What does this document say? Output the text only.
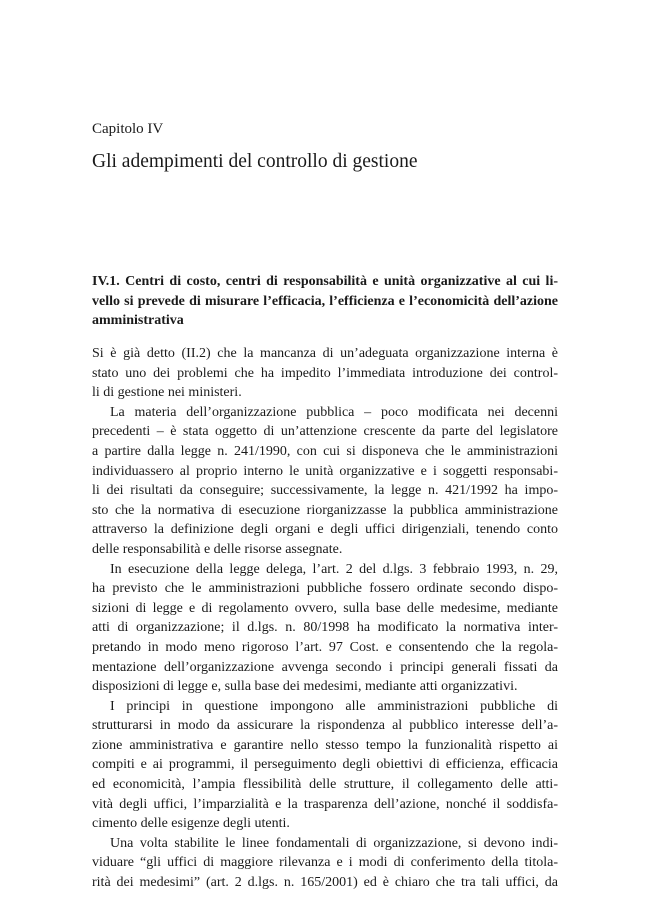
Capitolo IV

Gli adempimenti del controllo di gestione
IV.1. Centri di costo, centri di responsabilità e unità organizzative al cui li-
vello si prevede di misurare l’efficacia, l’efficienza e l’economicità dell’azione
amministrativa
Si è già detto (II.2) che la mancanza di un’adeguata organizzazione interna è
stato uno dei problemi che ha impedito l’immediata introduzione dei control-
li di gestione nei ministeri.
La materia dell’organizzazione pubblica – poco modificata nei decenni
precedenti – è stata oggetto di un’attenzione crescente da parte del legislatore
a partire dalla legge n. 241/1990, con cui si disponeva che le amministrazioni
individuassero al proprio interno le unità organizzative e i soggetti responsabi-
li dei risultati da conseguire; successivamente, la legge n. 421/1992 ha impo-
sto che la normativa di esecuzione riorganizzasse la pubblica amministrazione
attraverso la definizione degli organi e degli uffici dirigenziali, tenendo conto
delle responsabilità e delle risorse assegnate.
In esecuzione della legge delega, l’art. 2 del d.lgs. 3 febbraio 1993, n. 29,
ha previsto che le amministrazioni pubbliche fossero ordinate secondo dispo-
sizioni di legge e di regolamento ovvero, sulla base delle medesime, mediante
atti di organizzazione; il d.lgs. n. 80/1998 ha modificato la normativa inter-
pretando in modo meno rigoroso l’art. 97 Cost. e consentendo che la regola-
mentazione dell’organizzazione avvenga secondo i principi generali fissati da
disposizioni di legge e, sulla base dei medesimi, mediante atti organizzativi.
I principi in questione impongono alle amministrazioni pubbliche di
strutturarsi in modo da assicurare la rispondenza al pubblico interesse dell’a-
zione amministrativa e garantire nello stesso tempo la funzionalità rispetto ai
compiti e ai programmi, il perseguimento degli obiettivi di efficienza, efficacia
ed economicità, l’ampia flessibilità delle strutture, il collegamento delle atti-
vità degli uffici, l’imparzialità e la trasparenza dell’azione, nonché il soddisfa-
cimento delle esigenze degli utenti.
Una volta stabilite le linee fondamentali di organizzazione, si devono indi-
viduare “gli uffici di maggiore rilevanza e i modi di conferimento della titola-
rità dei medesimi” (art. 2 d.lgs. n. 165/2001) ed è chiaro che tra tali uffici, da
